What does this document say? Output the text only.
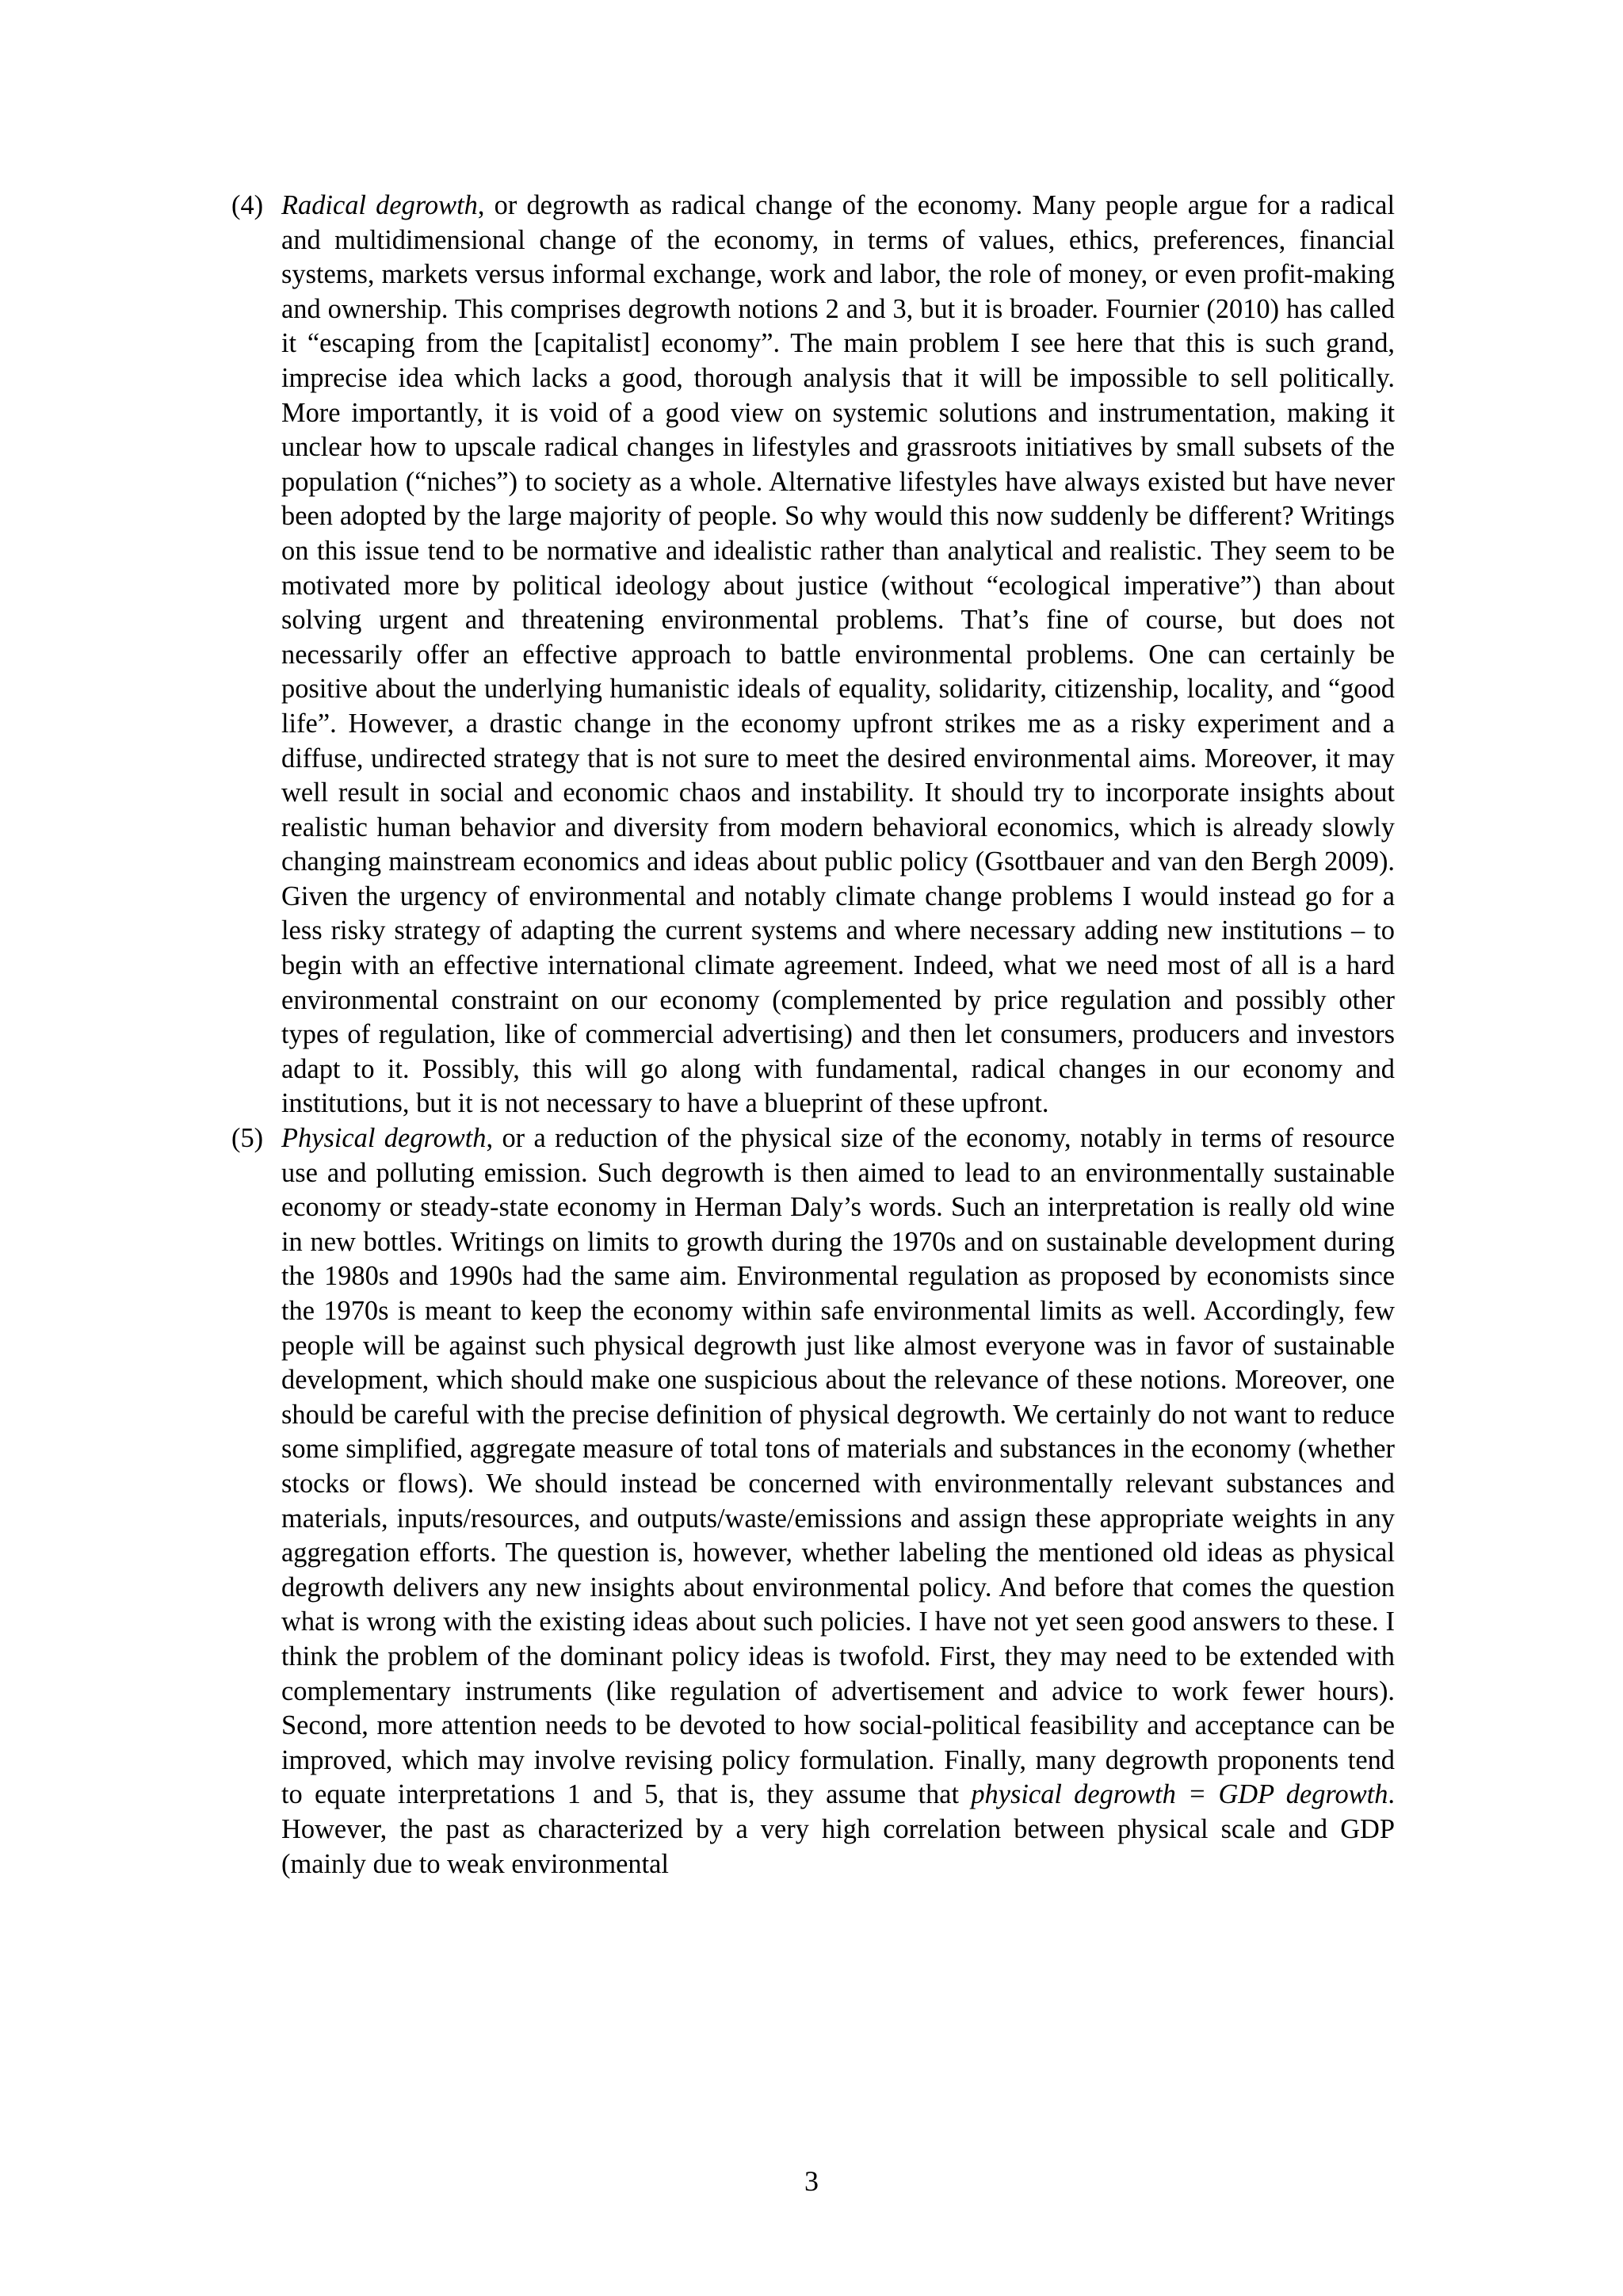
(4) Radical degrowth, or degrowth as radical change of the economy. Many people argue for a radical and multidimensional change of the economy, in terms of values, ethics, preferences, financial systems, markets versus informal exchange, work and labor, the role of money, or even profit-making and ownership. This comprises degrowth notions 2 and 3, but it is broader. Fournier (2010) has called it “escaping from the [capitalist] economy”. The main problem I see here that this is such grand, imprecise idea which lacks a good, thorough analysis that it will be impossible to sell politically. More importantly, it is void of a good view on systemic solutions and instrumentation, making it unclear how to upscale radical changes in lifestyles and grassroots initiatives by small subsets of the population (“niches”) to society as a whole. Alternative lifestyles have always existed but have never been adopted by the large majority of people. So why would this now suddenly be different? Writings on this issue tend to be normative and idealistic rather than analytical and realistic. They seem to be motivated more by political ideology about justice (without “ecological imperative”) than about solving urgent and threatening environmental problems. That’s fine of course, but does not necessarily offer an effective approach to battle environmental problems. One can certainly be positive about the underlying humanistic ideals of equality, solidarity, citizenship, locality, and “good life”. However, a drastic change in the economy upfront strikes me as a risky experiment and a diffuse, undirected strategy that is not sure to meet the desired environmental aims. Moreover, it may well result in social and economic chaos and instability. It should try to incorporate insights about realistic human behavior and diversity from modern behavioral economics, which is already slowly changing mainstream economics and ideas about public policy (Gsottbauer and van den Bergh 2009). Given the urgency of environmental and notably climate change problems I would instead go for a less risky strategy of adapting the current systems and where necessary adding new institutions – to begin with an effective international climate agreement. Indeed, what we need most of all is a hard environmental constraint on our economy (complemented by price regulation and possibly other types of regulation, like of commercial advertising) and then let consumers, producers and investors adapt to it. Possibly, this will go along with fundamental, radical changes in our economy and institutions, but it is not necessary to have a blueprint of these upfront.
(5) Physical degrowth, or a reduction of the physical size of the economy, notably in terms of resource use and polluting emission. Such degrowth is then aimed to lead to an environmentally sustainable economy or steady-state economy in Herman Daly’s words. Such an interpretation is really old wine in new bottles. Writings on limits to growth during the 1970s and on sustainable development during the 1980s and 1990s had the same aim. Environmental regulation as proposed by economists since the 1970s is meant to keep the economy within safe environmental limits as well. Accordingly, few people will be against such physical degrowth just like almost everyone was in favor of sustainable development, which should make one suspicious about the relevance of these notions. Moreover, one should be careful with the precise definition of physical degrowth. We certainly do not want to reduce some simplified, aggregate measure of total tons of materials and substances in the economy (whether stocks or flows). We should instead be concerned with environmentally relevant substances and materials, inputs/resources, and outputs/waste/emissions and assign these appropriate weights in any aggregation efforts. The question is, however, whether labeling the mentioned old ideas as physical degrowth delivers any new insights about environmental policy. And before that comes the question what is wrong with the existing ideas about such policies. I have not yet seen good answers to these. I think the problem of the dominant policy ideas is twofold. First, they may need to be extended with complementary instruments (like regulation of advertisement and advice to work fewer hours). Second, more attention needs to be devoted to how social-political feasibility and acceptance can be improved, which may involve revising policy formulation. Finally, many degrowth proponents tend to equate interpretations 1 and 5, that is, they assume that physical degrowth = GDP degrowth. However, the past as characterized by a very high correlation between physical scale and GDP (mainly due to weak environmental
3
